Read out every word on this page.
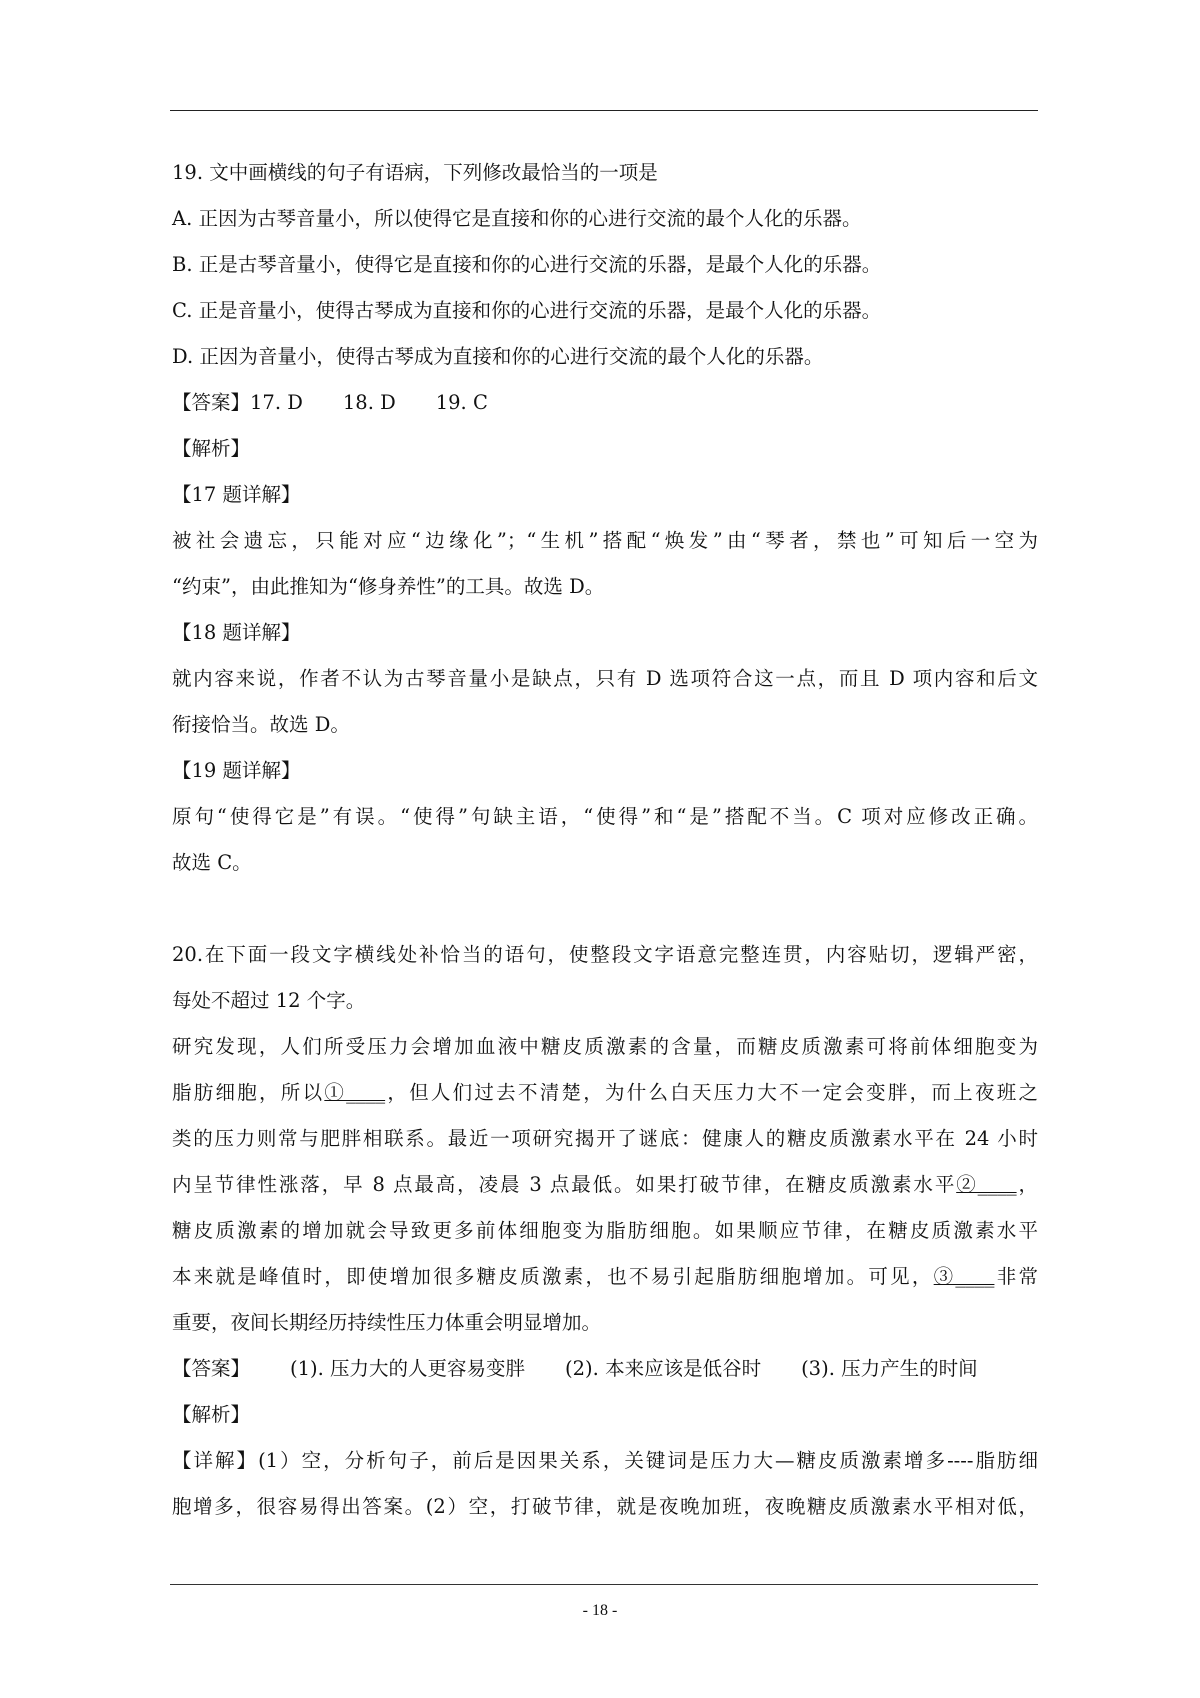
19. 文中画横线的句子有语病，下列修改最恰当的一项是
A. 正因为古琴音量小，所以使得它是直接和你的心进行交流的最个人化的乐器。
B. 正是古琴音量小，使得它是直接和你的心进行交流的乐器，是最个人化的乐器。
C. 正是音量小，使得古琴成为直接和你的心进行交流的乐器，是最个人化的乐器。
D. 正因为音量小，使得古琴成为直接和你的心进行交流的最个人化的乐器。
【答案】 17. D 18. D 19. C
【解析】
【17 题详解】
被社会遗忘，只能对应“边缘化”；“生机”搭配“焕发”由“琴者，禁也”可知后一空为
“约束”，由此推知为“修身养性”的工具。故选 D。
【18 题详解】
就内容来说，作者不认为古琴音量小是缺点，只有 D 选项符合这一点，而且 D 项内容和后文
衔接恰当。故选 D。
【19 题详解】
原句“使得它是”有误。“使得”句缺主语，“使得”和“是”搭配不当。C 项对应修改正确。
故选 C。
20.在下面一段文字横线处补恰当的语句，使整段文字语意完整连贯，内容贴切，逻辑严密，
每处不超过 12 个字。
研究发现，人们所受压力会增加血液中糖皮质激素的含量，而糖皮质激素可将前体细胞变为
脂肪细胞，所以①____，但人们过去不清楚，为什么白天压力大不一定会变胖，而上夜班之
类的压力则常与肥胖相联系。最近一项研究揭开了谜底：健康人的糖皮质激素水平在 24 小时
内呈节律性涨落，早 8 点最高，凌晨 3 点最低。如果打破节律，在糖皮质激素水平②____，
糖皮质激素的增加就会导致更多前体细胞变为脂肪细胞。如果顺应节律，在糖皮质激素水平
本来就是峰值时，即使增加很多糖皮质激素，也不易引起脂肪细胞增加。可见，③____非常
重要，夜间长期经历持续性压力体重会明显增加。
【答案】 (1). 压力大的人更容易变胖 (2). 本来应该是低谷时 (3). 压力产生的时间
【解析】
【详解】(1）空，分析句子，前后是因果关系，关键词是压力大—糖皮质激素增多----脂肪细
胞增多，很容易得出答案。(2）空，打破节律，就是夜晚加班，夜晚糖皮质激素水平相对低，
- 18 -
